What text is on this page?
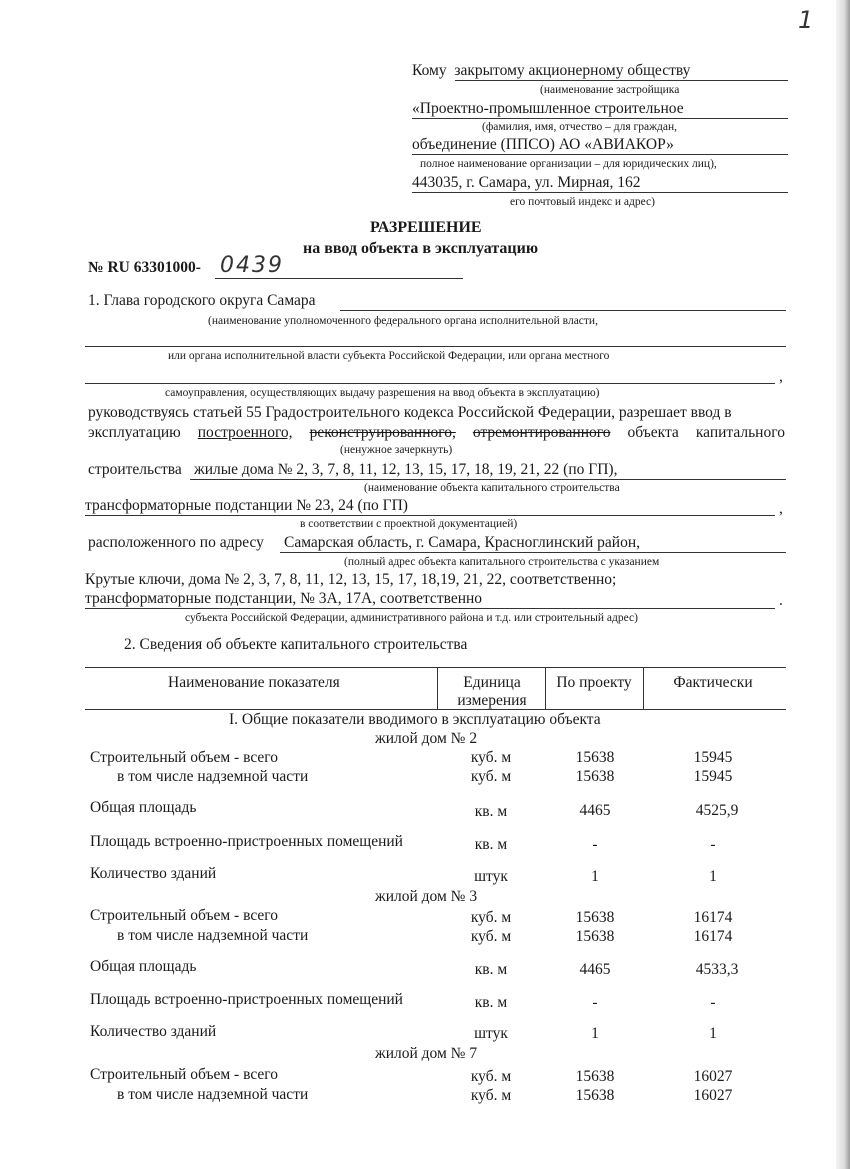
1
Кому закрытому акционерному обществу
(наименование застройщика
«Проектно-промышленное строительное
(фамилия, имя, отчество – для граждан,
объединение (ППСО) АО «АВИАКОР»
полное наименование организации – для юридических лиц),
443035, г. Самара, ул. Мирная, 162
его почтовый индекс и адрес)
РАЗРЕШЕНИЕ
на ввод объекта в эксплуатацию
№ RU 63301000- 0439
1. Глава городского округа Самара
(наименование уполномоченного федерального органа исполнительной власти,
или органа исполнительной власти субъекта Российской Федерации, или органа местного
,
самоуправления, осуществляющих выдачу разрешения на ввод объекта в эксплуатацию)
руководствуясь статьей 55 Градостроительного кодекса Российской Федерации, разрешает ввод в
эксплуатацию построенного, реконструированного, отремонтированного объекта капитального
(ненужное зачеркнуть)
строительства жилые дома № 2, 3, 7, 8, 11, 12, 13, 15, 17, 18, 19, 21, 22 (по ГП),
(наименование объекта капитального строительства
трансформаторные подстанции № 23, 24 (по ГП)	,
в соответствии с проектной документацией)
расположенного по адресу Самарская область, г. Самара, Красноглинский район,
(полный адрес объекта капитального строительства с указанием
Крутые ключи, дома № 2, 3, 7, 8, 11, 12, 13, 15, 17, 18,19, 21, 22, соответственно;
трансформаторные подстанции, № 3А, 17А, соответственно	.
субъекта Российской Федерации, административного района и т.д. или строительный адрес)
2. Сведения об объекте капитального строительства
Наименование показателя	Единица
измерения
По проекту	Фактически
I. Общие показатели вводимого в эксплуатацию объекта
жилой дом № 2
Строительный объем - всего	куб. м	15638	15945
в том числе надземной части	куб. м	15638	15945
Общая площадь	кв. м	4465	4525,9
Площадь встроенно-пристроенных помещений	кв. м	-	-
Количество зданий	штук	1	1
жилой дом № 3
Строительный объем - всего	куб. м	15638	16174
в том числе надземной части	куб. м	15638	16174
Общая площадь	кв. м	4465	4533,3
Площадь встроенно-пристроенных помещений	кв. м	-	-
Количество зданий	штук	1	1
жилой дом № 7
Строительный объем - всего	куб. м	15638	16027
в том числе надземной части	куб. м	15638	16027
